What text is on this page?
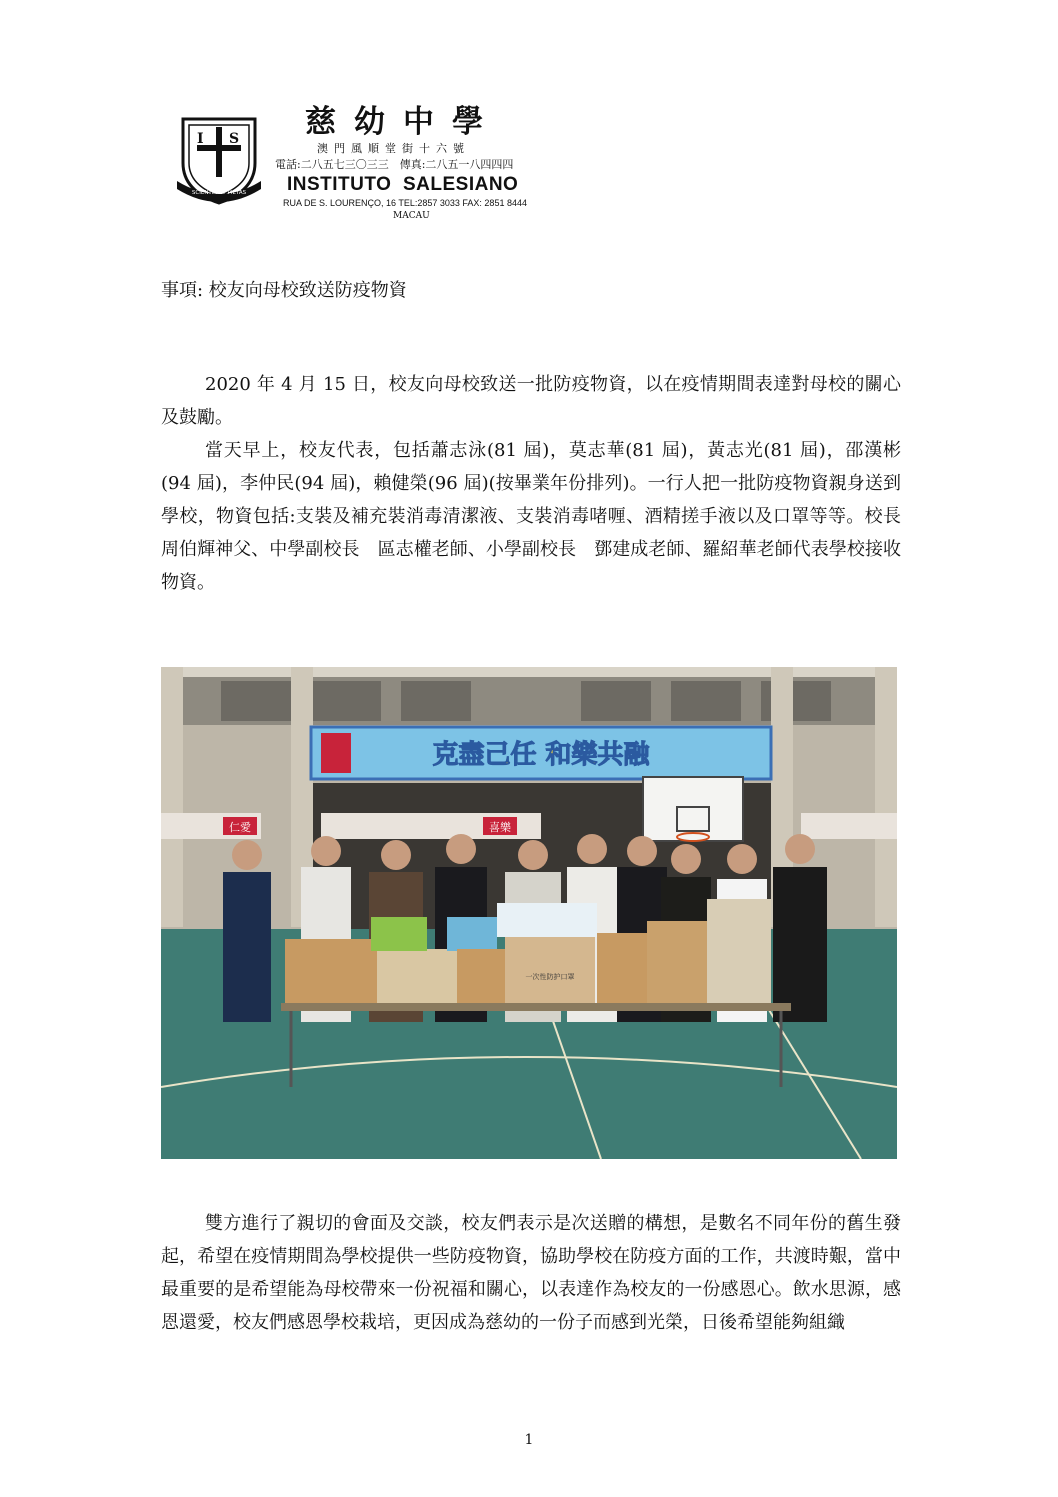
I S
SCIENTIA ET PIETAS

慈幼中學

澳門風順堂街十六號

電話:二八五七三〇三三　傳真:二八五一八四四四

INSTITUTO  SALESIANO

RUA DE S. LOURENÇO, 16 TEL:2857 3033 FAX: 2851 8444

MACAU

事項: 校友向母校致送防疫物資

2020 年 4 月 15 日，校友向母校致送一批防疫物資，以在疫情期間表達對母校的關心及鼓勵。

當天早上，校友代表，包括蕭志泳(81 屆)，莫志華(81 屆)，黃志光(81 屆)，邵漢彬(94 屆)，李仲民(94 屆)，賴健榮(96 屆)(按畢業年份排列)。一行人把一批防疫物資親身送到學校，物資包括:支裝及補充裝消毒清潔液、支裝消毒啫喱、酒精搓手液以及口罩等等。校長　周伯輝神父、中學副校長　區志權老師、小學副校長　鄧建成老師、羅紹華老師代表學校接收物資。

克盡己任 和樂共融
仁愛	喜樂
一次性防护口罩

雙方進行了親切的會面及交談，校友們表示是次送贈的構想，是數名不同年份的舊生發起，希望在疫情期間為學校提供一些防疫物資，協助學校在防疫方面的工作，共渡時艱，當中最重要的是希望能為母校帶來一份祝福和關心，以表達作為校友的一份感恩心。飲水思源，感恩還愛，校友們感恩學校栽培，更因成為慈幼的一份子而感到光榮，日後希望能夠組織

1
